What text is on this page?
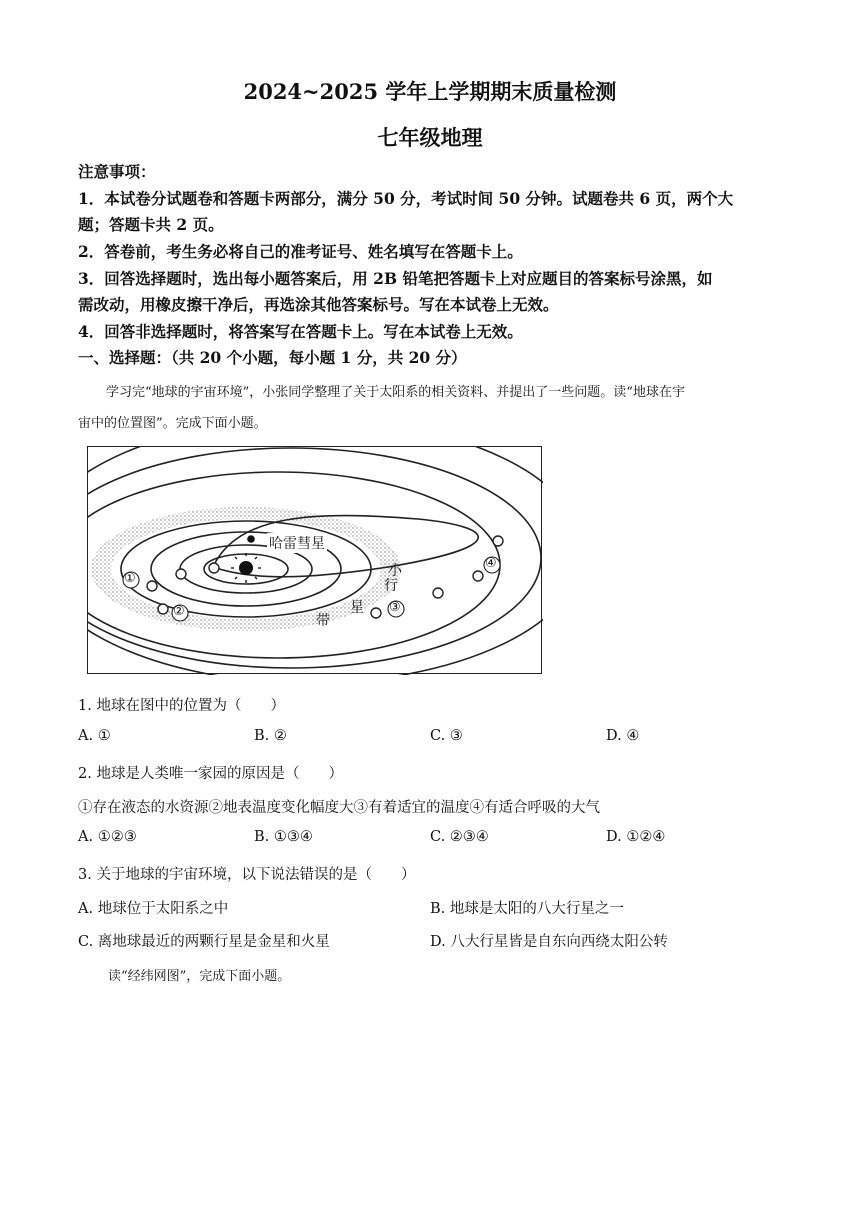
2024~2025 学年上学期期末质量检测
七年级地理
注意事项：
1．本试卷分试题卷和答题卡两部分，满分 50 分，考试时间 50 分钟。试题卷共 6 页，两个大
题；答题卡共 2 页。
2．答卷前，考生务必将自己的准考证号、姓名填写在答题卡上。
3．回答选择题时，选出每小题答案后，用 2B 铅笔把答题卡上对应题目的答案标号涂黑，如
需改动，用橡皮擦干净后，再选涂其他答案标号。写在本试卷上无效。
4．回答非选择题时，将答案写在答题卡上。写在本试卷上无效。
一、选择题：（共 20 个小题，每小题 1 分，共 20 分）
学习完“地球的宇宙环境”，小张同学整理了关于太阳系的相关资料、并提出了一些问题。读“地球在宇
宙中的位置图”。完成下面小题。
①
②	③
④
哈雷彗星
小
行
星
带
1. 地球在图中的位置为（　　）
A. ①	B. ②	C. ③	D. ④
2. 地球是人类唯一家园的原因是（　　）
①存在液态的水资源②地表温度变化幅度大③有着适宜的温度④有适合呼吸的大气
A. ①②③	B. ①③④	C. ②③④	D. ①②④
3. 关于地球的宇宙环境，以下说法错误的是（　　）
A. 地球位于太阳系之中	B. 地球是太阳的八大行星之一
C. 离地球最近的两颗行星是金星和火星	D. 八大行星皆是自东向西绕太阳公转
读“经纬网图”，完成下面小题。
